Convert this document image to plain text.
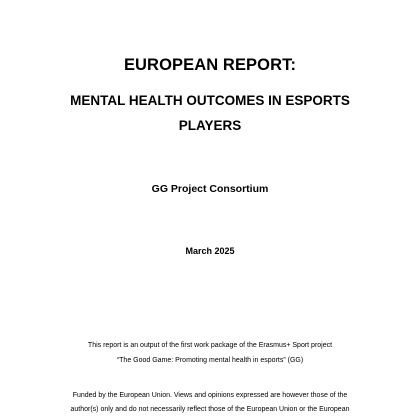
EUROPEAN REPORT:
MENTAL HEALTH OUTCOMES IN ESPORTS
PLAYERS
GG Project Consortium
March 2025
This report is an output of the first work package of the Erasmus+ Sport project
“The Good Game: Promoting mental health in esports” (GG)
Funded by the European Union. Views and opinions expressed are however those of the
author(s) only and do not necessarily reflect those of the European Union or the European
